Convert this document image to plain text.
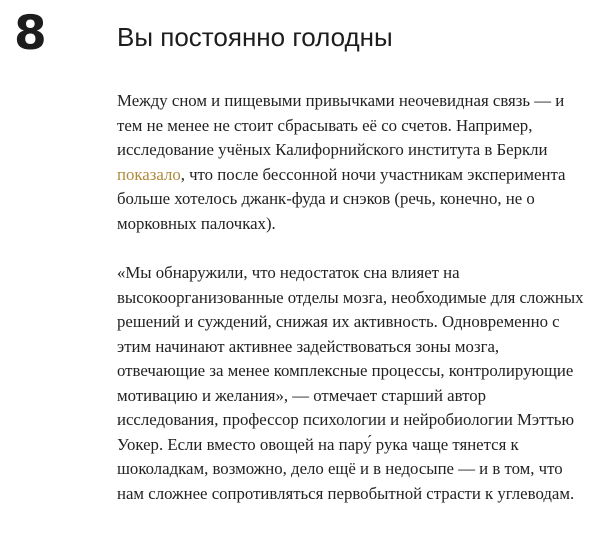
8	Вы постоянно голодны

Между сном и пищевыми привычками неочевидная связь — и тем не менее не стоит сбрасывать её со счетов. Например, исследование учёных Калифорнийского института в Беркли показало, что после бессонной ночи участникам эксперимента больше хотелось джанк-фуда и снэков (речь, конечно, не о морковных палочках).

«Мы обнаружили, что недостаток сна влияет на высокоорганизованные отделы мозга, необходимые для сложных решений и суждений, снижая их активность. Одновременно с этим начинают активнее задействоваться зоны мозга, отвечающие за менее комплексные процессы, контролирующие мотивацию и желания», — отмечает старший автор исследования, профессор психологии и нейробиологии Мэттью Уокер. Если вместо овощей на пару́ рука чаще тянется к шоколадкам, возможно, дело ещё и в недосыпе — и в том, что нам сложнее сопротивляться первобытной страсти к углеводам.
